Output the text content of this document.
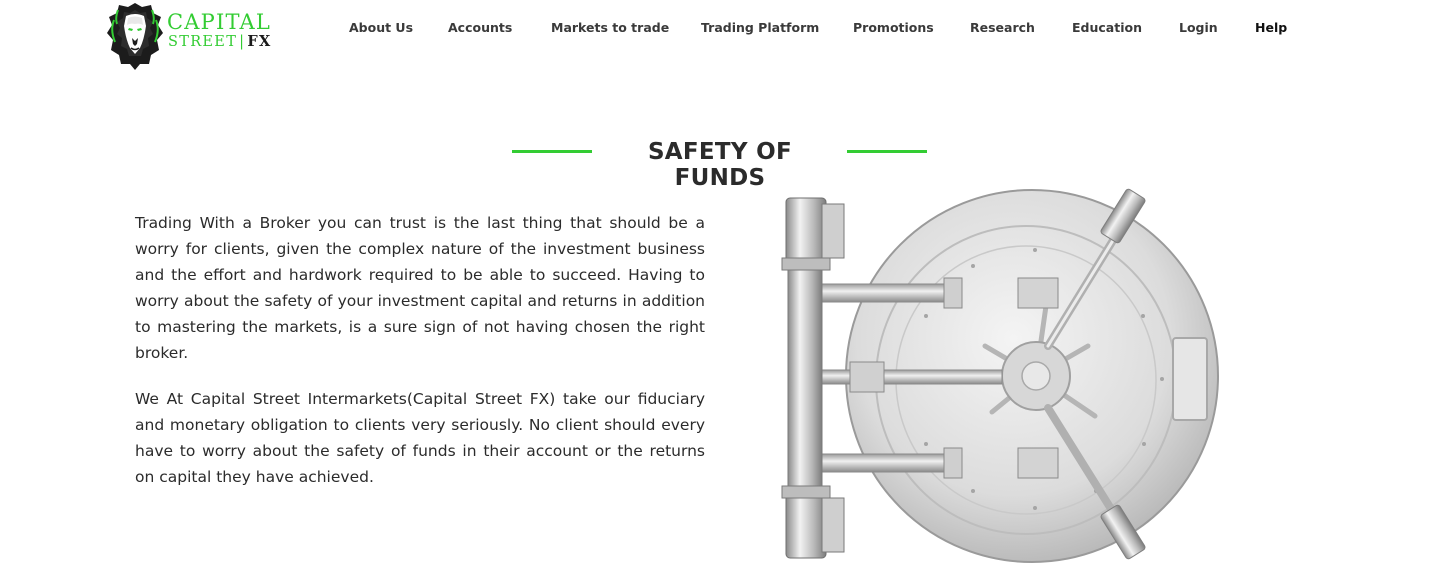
CAPITAL
STREET | FX
About Us	Accounts	Markets to trade	Trading Platform	Promotions	Research	Education	Login	Help
SAFETY OF FUNDS

Trading With a Broker you can trust is the last thing that should be a worry for clients, given the complex nature of the investment business and the effort and hardwork required to be able to succeed. Having to worry about the safety of your investment capital and returns in addition to mastering the markets, is a sure sign of not having chosen the right broker.

We At Capital Street Intermarkets(Capital Street FX) take our fiduciary and monetary obligation to clients very seriously. No client should every have to worry about the safety of funds in their account or the returns on capital they have achieved.
